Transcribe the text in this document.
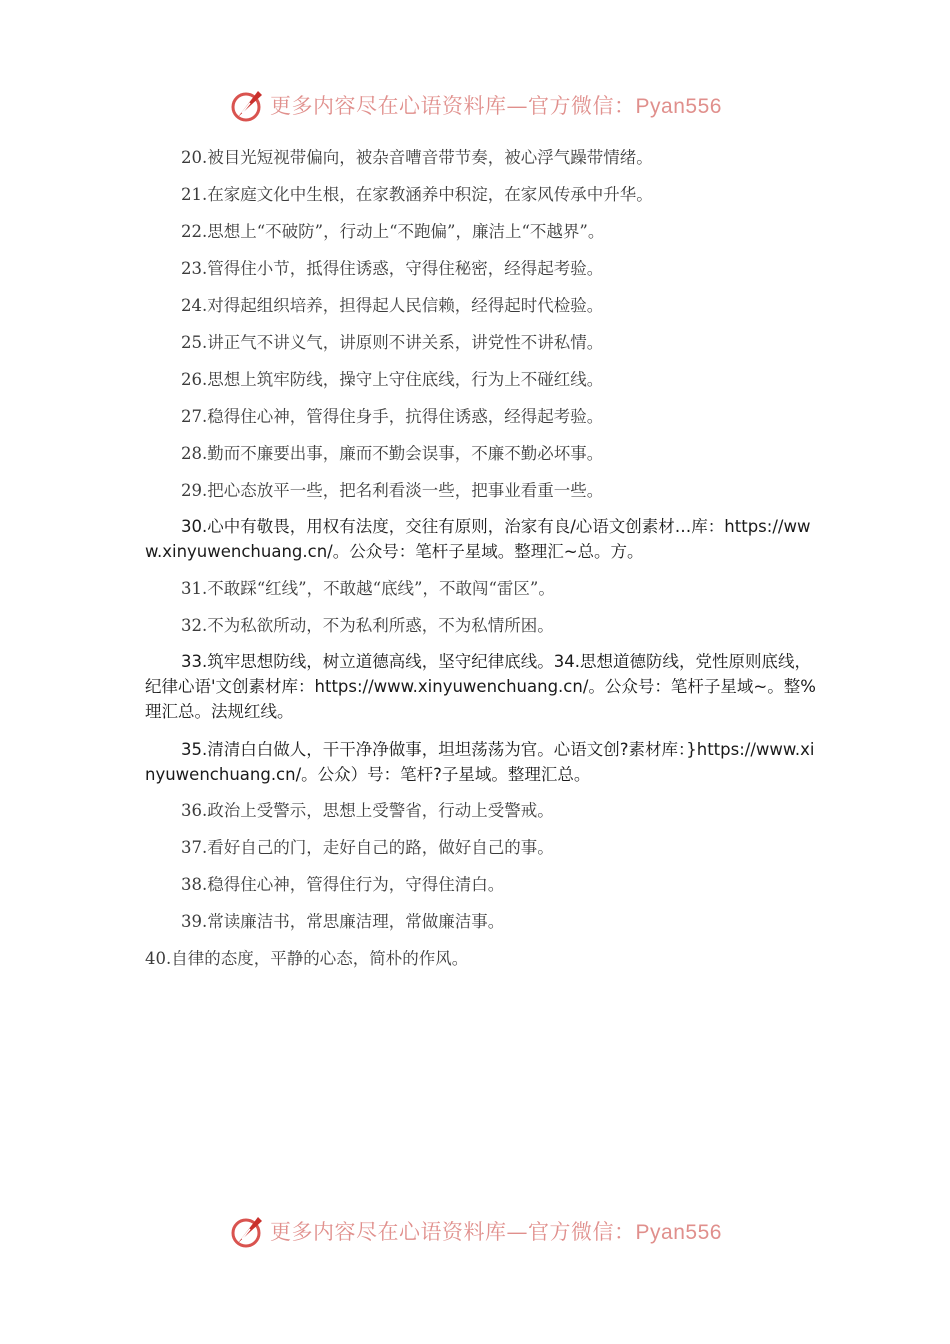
更多内容尽在心语资料库—官方微信：Pyan556
20.被目光短视带偏向，被杂音嘈音带节奏，被心浮气躁带情绪。
21.在家庭文化中生根，在家教涵养中积淀，在家风传承中升华。
22.思想上“不破防”，行动上“不跑偏”，廉洁上“不越界”。
23.管得住小节，抵得住诱惑，守得住秘密，经得起考验。
24.对得起组织培养，担得起人民信赖，经得起时代检验。
25.讲正气不讲义气，讲原则不讲关系，讲党性不讲私情。
26.思想上筑牢防线，操守上守住底线，行为上不碰红线。
27.稳得住心神，管得住身手，抗得住诱惑，经得起考验。
28.勤而不廉要出事，廉而不勤会误事，不廉不勤必坏事。
29.把心态放平一些，把名利看淡一些，把事业看重一些。
30.心中有敬畏，用权有法度，交往有原则，治家有良/心语文创素材…库：https://www.xinyuwenchuang.cn/。公众号：笔杆子星域。整理汇~总。方。
31.不敢踩“红线”，不敢越“底线”，不敢闯“雷区”。
32.不为私欲所动，不为私利所惑，不为私情所困。
33.筑牢思想防线，树立道德高线，坚守纪律底线。34.思想道德防线，党性原则底线，纪律心语'文创素材库：https://www.xinyuwenchuang.cn/。公众号：笔杆子星域~。整%理汇总。法规红线。
35.清清白白做人，干干净净做事，坦坦荡荡为官。心语文创?素材库：}https://www.xinyuwenchuang.cn/。公众）号：笔杆?子星域。整理汇总。
36.政治上受警示，思想上受警省，行动上受警戒。
37.看好自己的门，走好自己的路，做好自己的事。
38.稳得住心神，管得住行为，守得住清白。
39.常读廉洁书，常思廉洁理，常做廉洁事。
40.自律的态度，平静的心态，简朴的作风。
更多内容尽在心语资料库—官方微信：Pyan556
